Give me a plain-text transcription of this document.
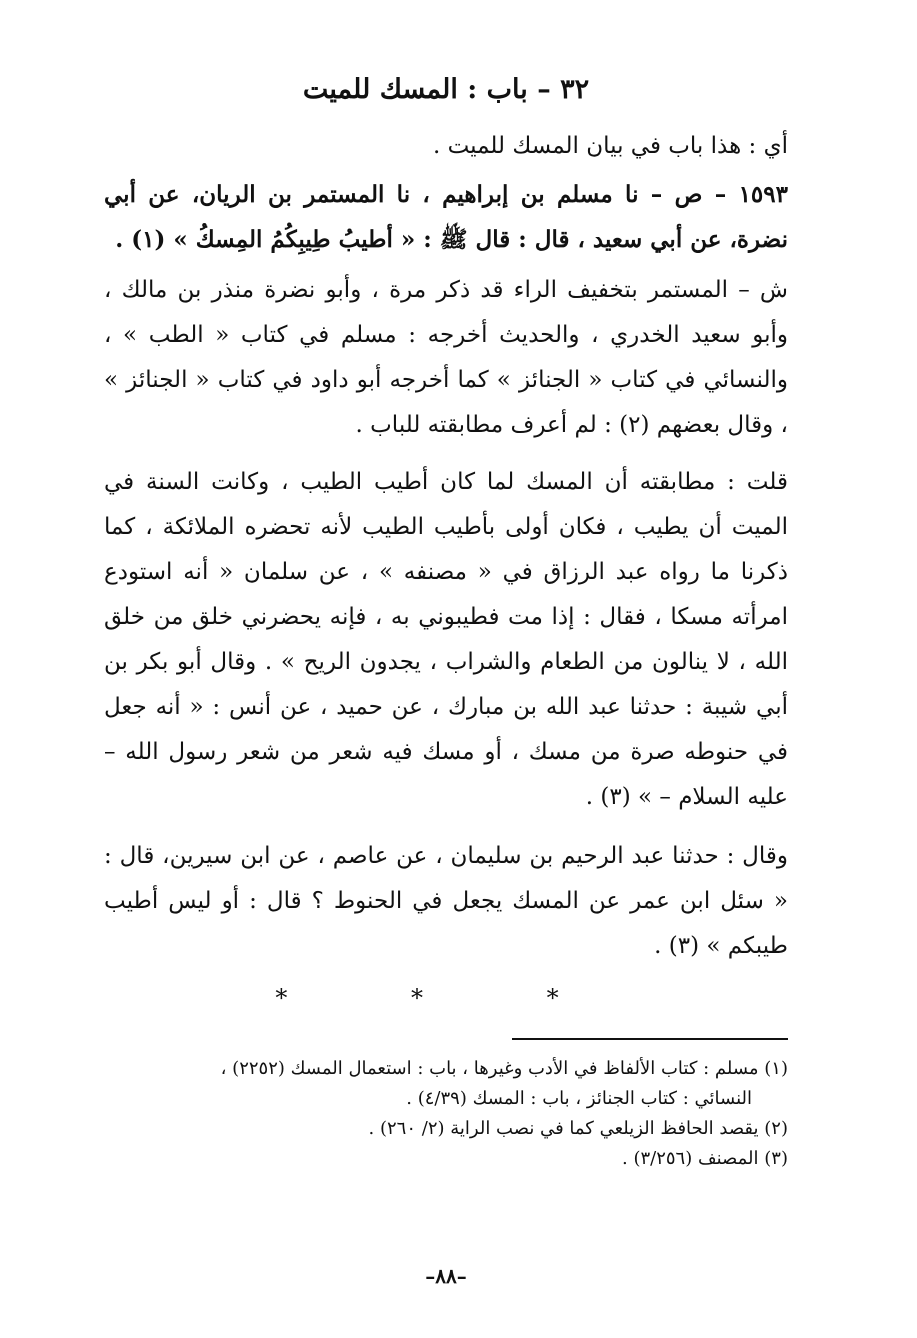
٣٢ – باب : المسك للميت

أي : هذا باب في بيان المسك للميت .

١٥٩٣ – ص – نا مسلم بن إبراهيم ، نا المستمر بن الريان، عن أبي نضرة، عن أبي سعيد ، قال : قال ﷺ : « أطيبُ طِيبِكُمُ المِسكُ » (١) .

ش – المستمر بتخفيف الراء قد ذكر مرة ، وأبو نضرة منذر بن مالك ، وأبو سعيد الخدري ، والحديث أخرجه : مسلم في كتاب « الطب » ، والنسائي في كتاب « الجنائز » كما أخرجه أبو داود في كتاب « الجنائز » ، وقال بعضهم (٢) : لم أعرف مطابقته للباب .

قلت : مطابقته أن المسك لما كان أطيب الطيب ، وكانت السنة في الميت أن يطيب ، فكان أولى بأطيب الطيب لأنه تحضره الملائكة ، كما ذكرنا ما رواه عبد الرزاق في « مصنفه » ، عن سلمان « أنه استودع امرأته مسكا ، فقال : إذا مت فطيبوني به ، فإنه يحضرني خلق من خلق الله ، لا ينالون من الطعام والشراب ، يجدون الريح » . وقال أبو بكر بن أبي شيبة : حدثنا عبد الله بن مبارك ، عن حميد ، عن أنس : « أنه جعل في حنوطه صرة من مسك ، أو مسك فيه شعر من شعر رسول الله – عليه السلام – » (٣) .

وقال : حدثنا عبد الرحيم بن سليمان ، عن عاصم ، عن ابن سيرين، قال : « سئل ابن عمر عن المسك يجعل في الحنوط ؟ قال : أو ليس أطيب طيبكم » (٣) .

* * *

(١) مسلم : كتاب الألفاظ في الأدب وغيرها ، باب : استعمال المسك (٢٢٥٢) ،

النسائي : كتاب الجنائز ، باب : المسك (٤/٣٩) .

(٢) يقصد الحافظ الزيلعي كما في نصب الراية (٢/ ٢٦٠) .

(٣) المصنف (٣/٢٥٦) .

–٨٨–
